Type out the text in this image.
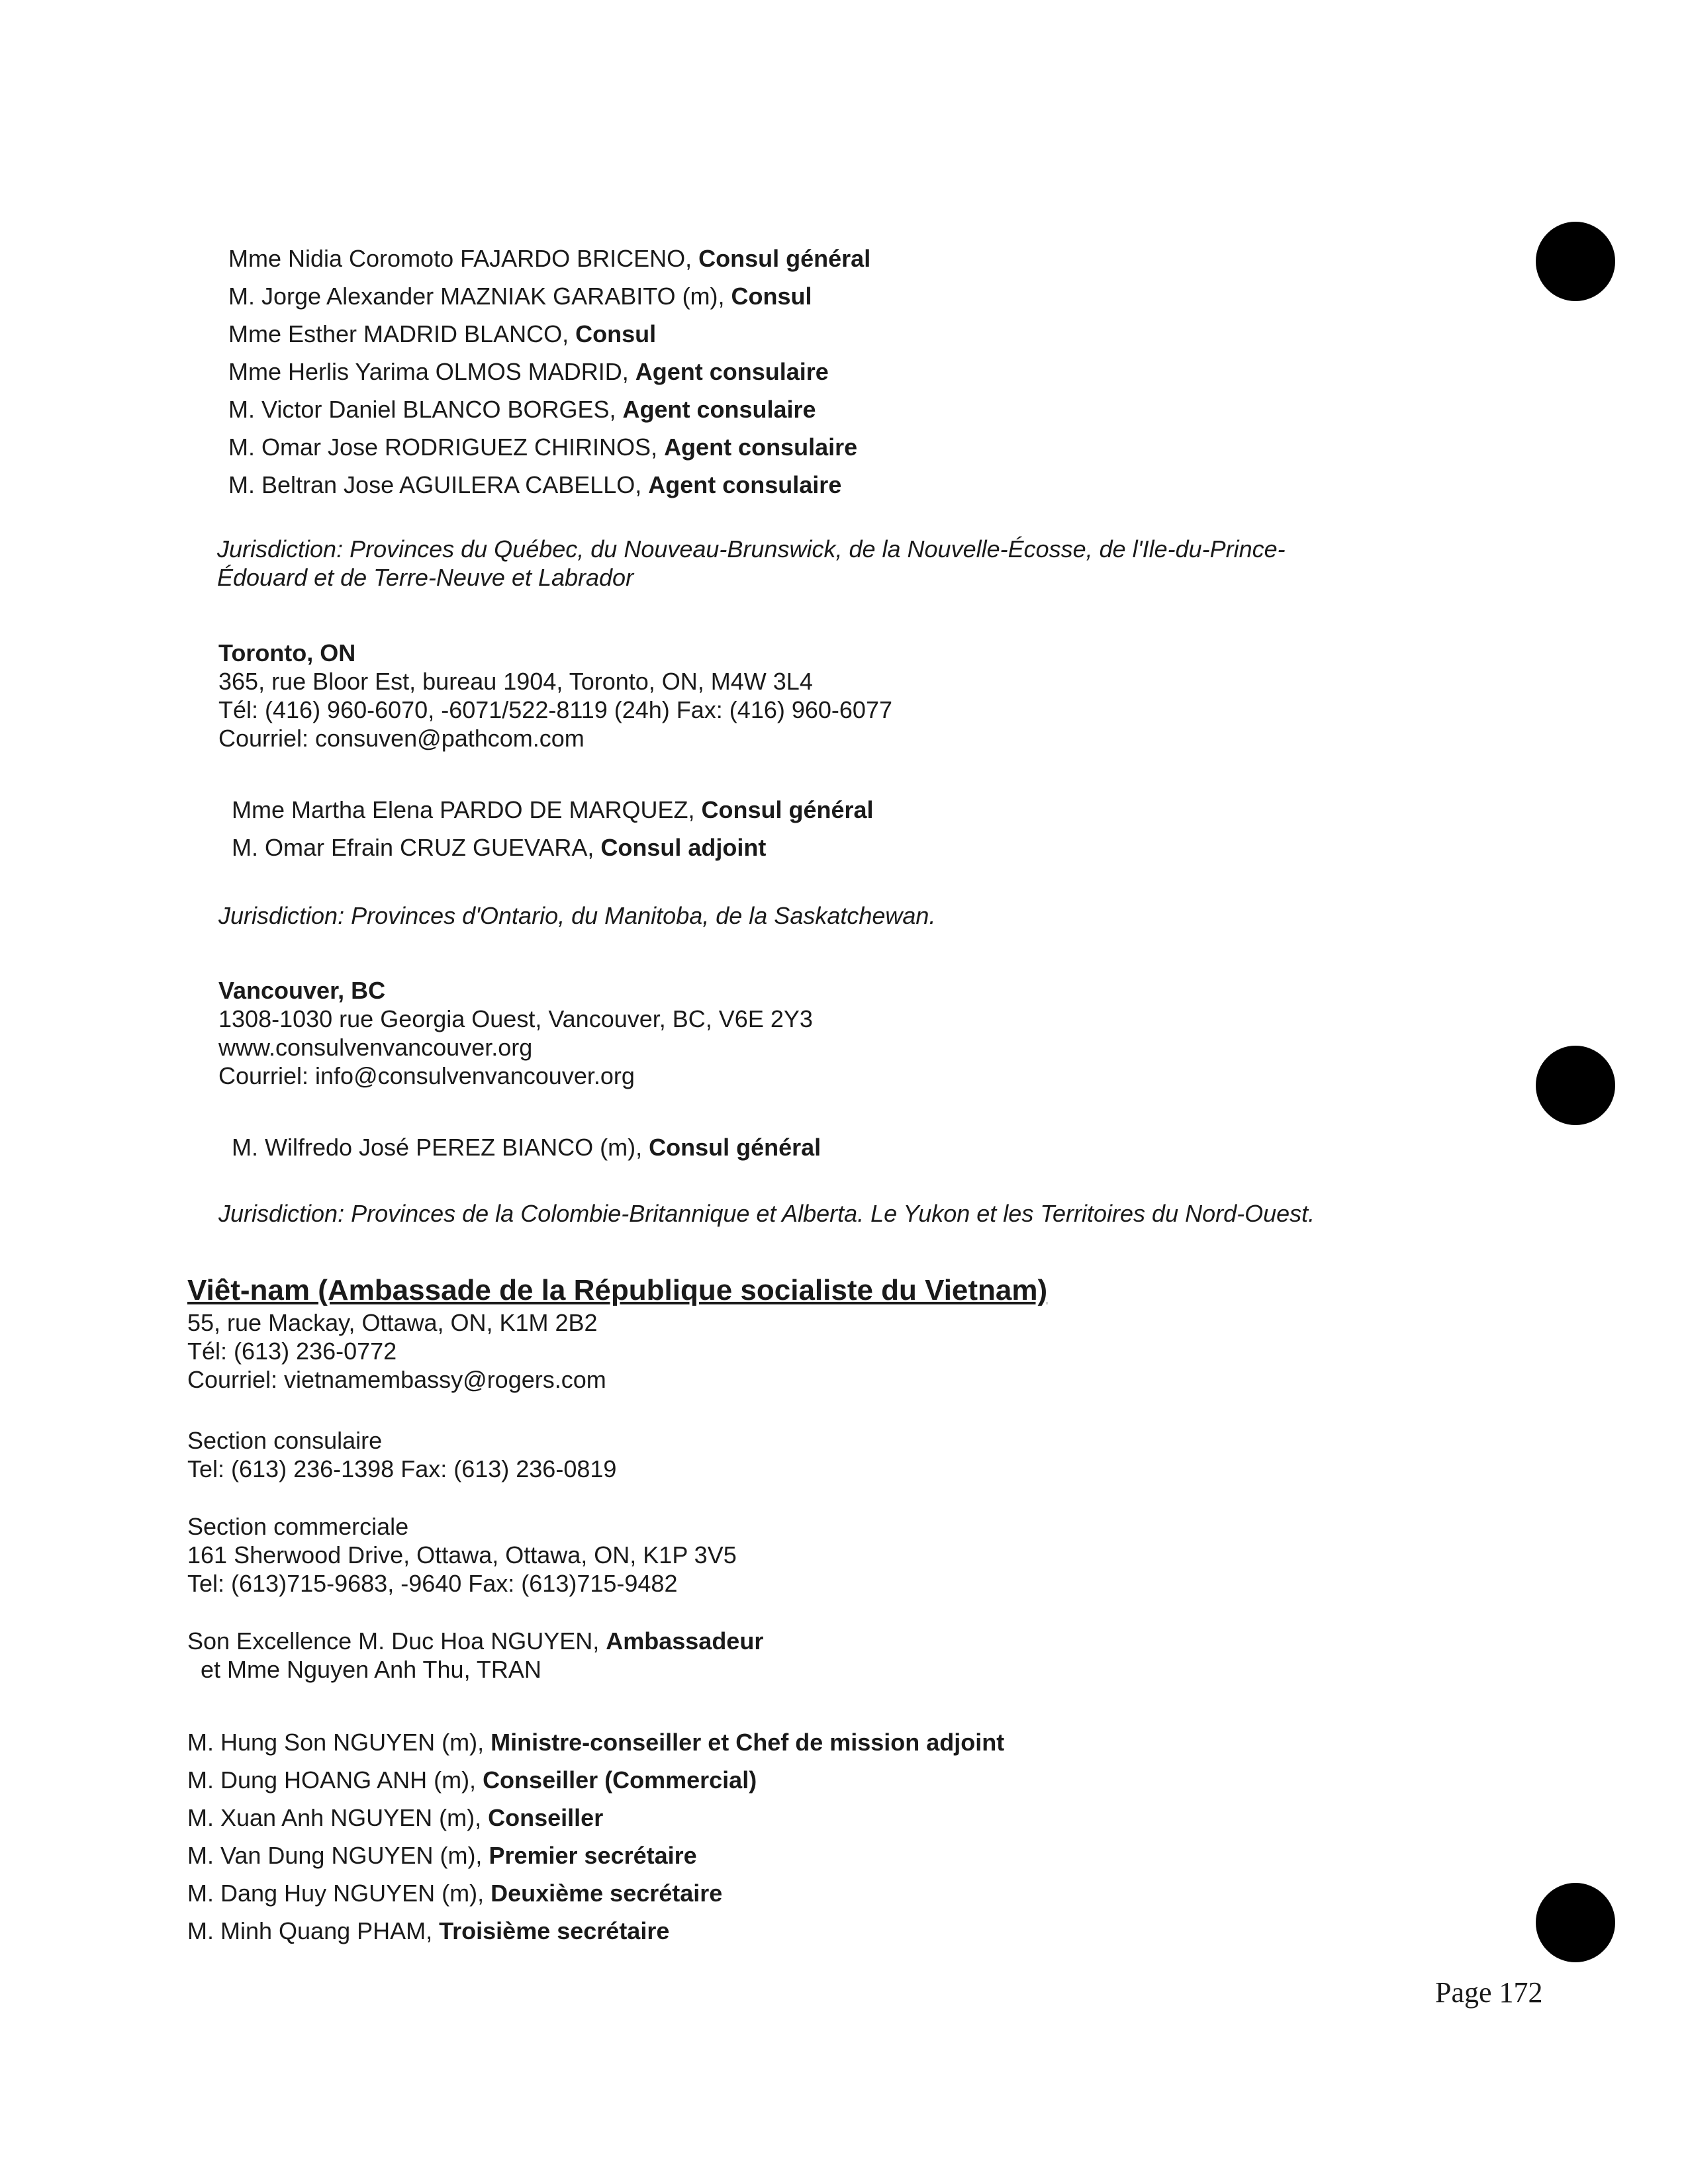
Mme Nidia Coromoto FAJARDO BRICENO, Consul général
M. Jorge Alexander MAZNIAK GARABITO (m), Consul
Mme Esther MADRID BLANCO, Consul
Mme Herlis Yarima OLMOS MADRID, Agent consulaire
M. Victor Daniel BLANCO BORGES, Agent consulaire
M. Omar Jose RODRIGUEZ CHIRINOS, Agent consulaire
M. Beltran Jose AGUILERA CABELLO, Agent consulaire
Jurisdiction: Provinces du Québec, du Nouveau-Brunswick, de la Nouvelle-Écosse, de l'Ile-du-Prince-
Édouard et de Terre-Neuve et Labrador
Toronto, ON
365, rue Bloor Est, bureau 1904, Toronto, ON, M4W 3L4
Tél: (416) 960-6070, -6071/522-8119 (24h) Fax: (416) 960-6077
Courriel: consuven@pathcom.com
Mme Martha Elena PARDO DE MARQUEZ, Consul général
M. Omar Efrain CRUZ GUEVARA, Consul adjoint
Jurisdiction: Provinces d'Ontario, du Manitoba, de la Saskatchewan.
Vancouver, BC
1308-1030 rue Georgia Ouest, Vancouver, BC, V6E 2Y3
www.consulvenvancouver.org
Courriel: info@consulvenvancouver.org
M. Wilfredo José PEREZ BIANCO (m), Consul général
Jurisdiction: Provinces de la Colombie-Britannique et Alberta. Le Yukon et les Territoires du Nord-Ouest.
Viêt-nam (Ambassade de la République socialiste du Vietnam)
55, rue Mackay, Ottawa, ON, K1M 2B2
Tél: (613) 236-0772
Courriel: vietnamembassy@rogers.com
Section consulaire
Tel: (613) 236-1398 Fax: (613) 236-0819
Section commerciale
161 Sherwood Drive, Ottawa, Ottawa, ON, K1P 3V5
Tel: (613)715-9683, -9640 Fax: (613)715-9482
Son Excellence M. Duc Hoa NGUYEN, Ambassadeur
et Mme Nguyen Anh Thu, TRAN
M. Hung Son NGUYEN (m), Ministre-conseiller et Chef de mission adjoint
M. Dung HOANG ANH (m), Conseiller (Commercial)
M. Xuan Anh NGUYEN (m), Conseiller
M. Van Dung NGUYEN (m), Premier secrétaire
M. Dang Huy NGUYEN (m), Deuxième secrétaire
M. Minh Quang PHAM, Troisième secrétaire
Page 172
